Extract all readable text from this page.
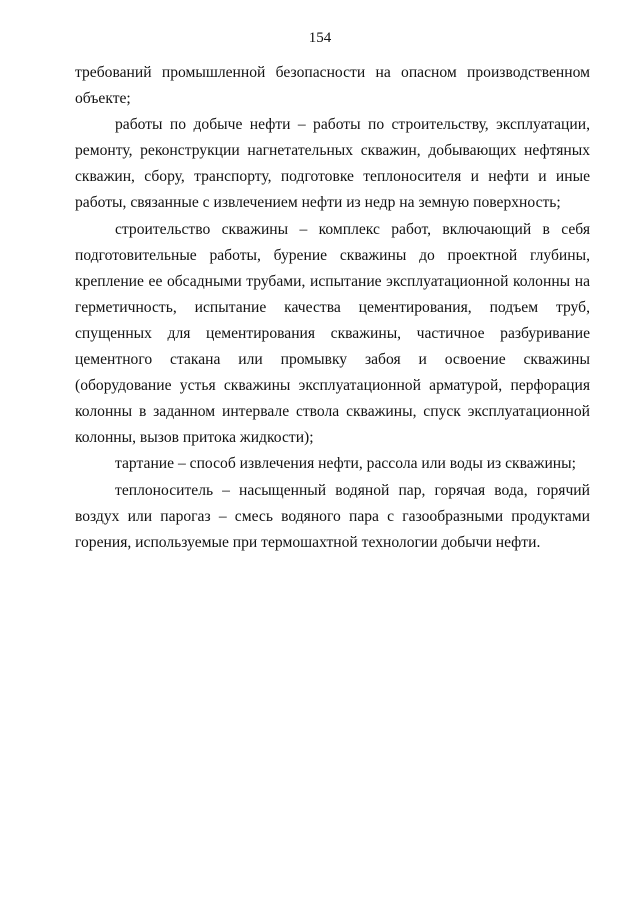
154

требований промышленной безопасности на опасном производственном объекте;

работы по добыче нефти – работы по строительству, эксплуатации, ремонту, реконструкции нагнетательных скважин, добывающих нефтяных скважин, сбору, транспорту, подготовке теплоносителя и нефти и иные работы, связанные с извлечением нефти из недр на земную поверхность;

строительство скважины – комплекс работ, включающий в себя подготовительные работы, бурение скважины до проектной глубины, крепление ее обсадными трубами, испытание эксплуатационной колонны на герметичность, испытание качества цементирования, подъем труб, спущенных для цементирования скважины, частичное разбуривание цементного стакана или промывку забоя и освоение скважины (оборудование устья скважины эксплуатационной арматурой, перфорация колонны в заданном интервале ствола скважины, спуск эксплуатационной колонны, вызов притока жидкости);

тартание – способ извлечения нефти, рассола или воды из скважины;

теплоноситель – насыщенный водяной пар, горячая вода, горячий воздух или парогаз – смесь водяного пара с газообразными продуктами горения, используемые при термошахтной технологии добычи нефти.
